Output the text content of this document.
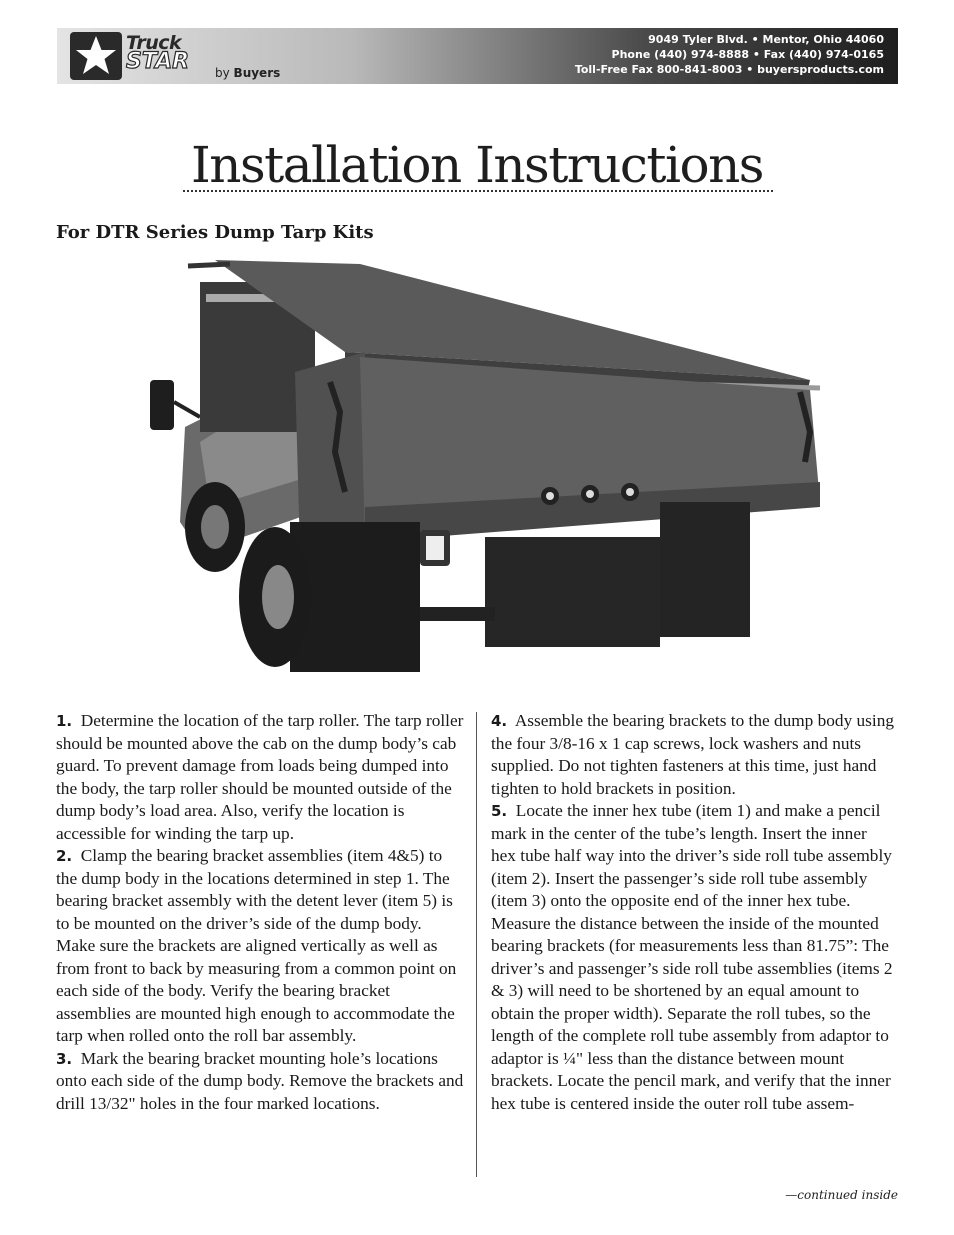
Truck
STAR by Buyers
9049 Tyler Blvd. • Mentor, Ohio 44060
Phone (440) 974-8888 • Fax (440) 974-0165
Toll-Free Fax 800-841-8003 • buyersproducts.com
Installation Instructions
For DTR Series Dump Tarp Kits

1. Determine the location of the tarp roller. The tarp roller should be mounted above the cab on the dump body’s cab guard. To prevent damage from loads being dumped into the body, the tarp roller should be mounted outside of the dump body’s load area. Also, verify the location is accessible for winding the tarp up.

2. Clamp the bearing bracket assemblies (item 4&5) to the dump body in the locations determined in step 1. The bearing bracket assembly with the detent lever (item 5) is to be mounted on the driver’s side of the dump body. Make sure the brackets are aligned vertically as well as from front to back by measuring from a common point on each side of the body. Verify the bearing bracket assemblies are mounted high enough to accommodate the tarp when rolled onto the roll bar assembly.

3. Mark the bearing bracket mounting hole’s locations onto each side of the dump body. Remove the brackets and drill 13/32" holes in the four marked locations.

4. Assemble the bearing brackets to the dump body using the four 3/8-16 x 1 cap screws, lock washers and nuts supplied. Do not tighten fasteners at this time, just hand tighten to hold brackets in position.

5. Locate the inner hex tube (item 1) and make a pencil mark in the center of the tube’s length. Insert the inner hex tube half way into the driver’s side roll tube assembly (item 2). Insert the passenger’s side roll tube assembly (item 3) onto the opposite end of the inner hex tube. Measure the distance between the inside of the mounted bearing brackets (for measurements less than 81.75”: The driver’s and passenger’s side roll tube assemblies (items 2 & 3) will need to be shortened by an equal amount to obtain the proper width). Separate the roll tubes, so the length of the complete roll tube assembly from adaptor to adaptor is ¼" less than the distance between mount brackets. Locate the pencil mark, and verify that the inner hex tube is centered inside the outer roll tube assem-

—continued inside
